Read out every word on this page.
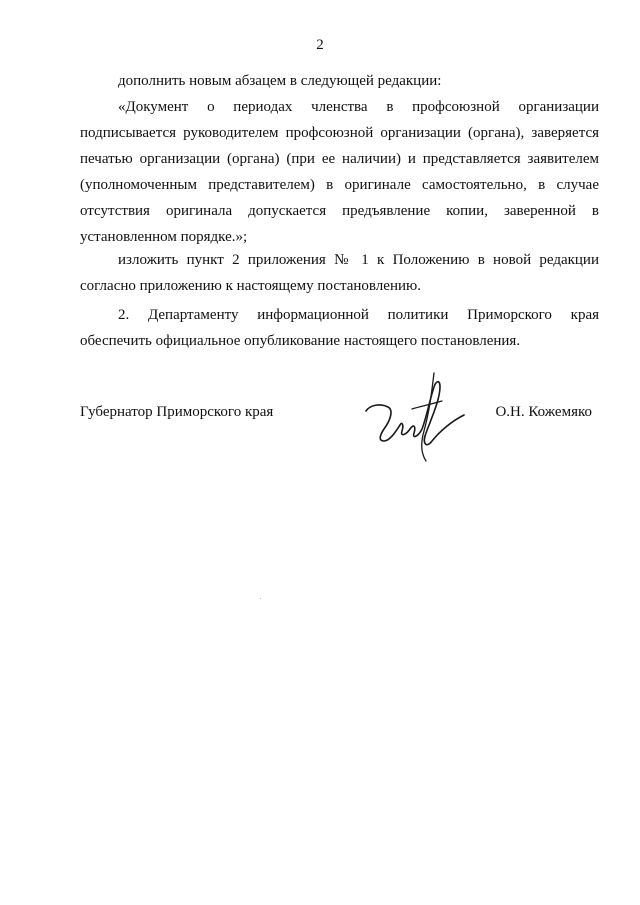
2

дополнить новым абзацем в следующей редакции:

«Документ о периодах членства в профсоюзной организации подписывается руководителем профсоюзной организации (органа), заверяется печатью организации (органа) (при ее наличии) и представляется заявителем (уполномоченным представителем) в оригинале самостоятельно, в случае отсутствия оригинала допускается предъявление копии, заверенной в установленном порядке.»;

изложить пункт 2 приложения № 1 к Положению в новой редакции согласно приложению к настоящему постановлению.

2. Департаменту информационной политики Приморского края обеспечить официальное опубликование настоящего постановления.

Губернатор Приморского края	О.Н. Кожемяко
